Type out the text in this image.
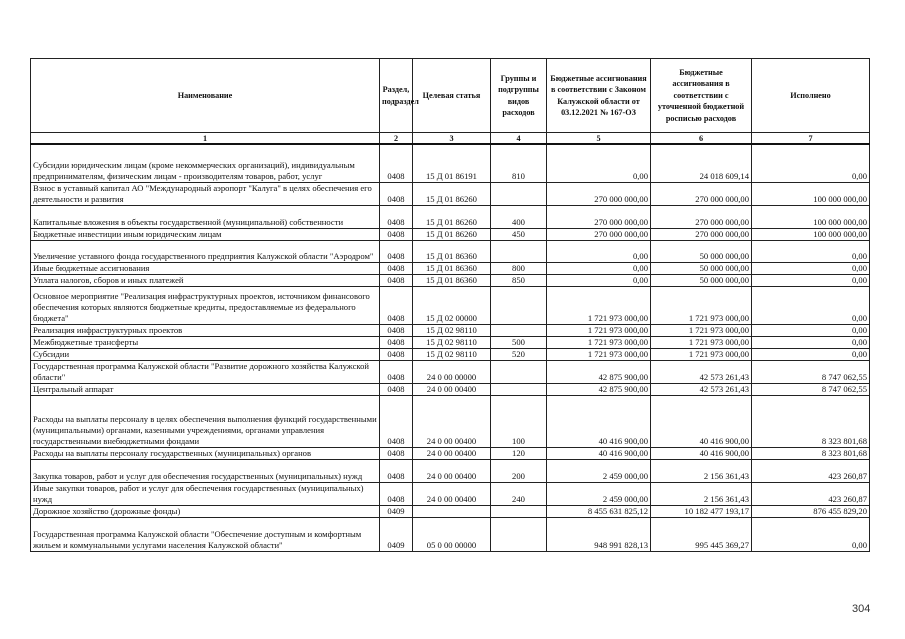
Наименование	Раздел, подраздел	Целевая статья	Группы и подгруппы видов расходов	Бюджетные ассигнования в соответствии с Законом Калужской области от 03.12.2021 № 167-ОЗ	Бюджетные ассигнования в соответствии с уточненной бюджетной росписью расходов	Исполнено
1	2	3	4	5	6	7
Субсидии юридическим лицам (кроме некоммерческих организаций), индивидуальным предпринимателям, физическим лицам - производителям товаров, работ, услуг	0408	15 Д 01 86191	810	0,00	24 018 609,14	0,00
Взнос в уставный капитал АО "Международный аэропорт "Калуга" в целях обеспечения его деятельности и развития	0408	15 Д 01 86260		270 000 000,00	270 000 000,00	100 000 000,00
Капитальные вложения в объекты государственной (муниципальной) собственности	0408	15 Д 01 86260	400	270 000 000,00	270 000 000,00	100 000 000,00
Бюджетные инвестиции иным юридическим лицам	0408	15 Д 01 86260	450	270 000 000,00	270 000 000,00	100 000 000,00
Увеличение уставного фонда государственного предприятия Калужской области "Аэродром"	0408	15 Д 01 86360		0,00	50 000 000,00	0,00
Иные бюджетные ассигнования	0408	15 Д 01 86360	800	0,00	50 000 000,00	0,00
Уплата налогов, сборов и иных платежей	0408	15 Д 01 86360	850	0,00	50 000 000,00	0,00
Основное мероприятие "Реализация инфраструктурных проектов, источником финансового обеспечения которых являются бюджетные кредиты, предоставляемые из федерального бюджета"	0408	15 Д 02 00000		1 721 973 000,00	1 721 973 000,00	0,00
Реализация инфраструктурных проектов	0408	15 Д 02 98110		1 721 973 000,00	1 721 973 000,00	0,00
Межбюджетные трансферты	0408	15 Д 02 98110	500	1 721 973 000,00	1 721 973 000,00	0,00
Субсидии	0408	15 Д 02 98110	520	1 721 973 000,00	1 721 973 000,00	0,00
Государственная программа Калужской области "Развитие дорожного хозяйства Калужской области"	0408	24 0 00 00000		42 875 900,00	42 573 261,43	8 747 062,55
Центральный аппарат	0408	24 0 00 00400		42 875 900,00	42 573 261,43	8 747 062,55
Расходы на выплаты персоналу в целях обеспечения выполнения функций государственными (муниципальными) органами, казенными учреждениями, органами управления государственными внебюджетными фондами	0408	24 0 00 00400	100	40 416 900,00	40 416 900,00	8 323 801,68
Расходы на выплаты персоналу государственных (муниципальных) органов	0408	24 0 00 00400	120	40 416 900,00	40 416 900,00	8 323 801,68
Закупка товаров, работ и услуг для обеспечения государственных (муниципальных) нужд	0408	24 0 00 00400	200	2 459 000,00	2 156 361,43	423 260,87
Иные закупки товаров, работ и услуг для обеспечения государственных (муниципальных) нужд	0408	24 0 00 00400	240	2 459 000,00	2 156 361,43	423 260,87
Дорожное хозяйство (дорожные фонды)	0409			8 455 631 825,12	10 182 477 193,17	876 455 829,20
Государственная программа Калужской области "Обеспечение доступным и комфортным жильем и коммунальными услугами населения Калужской области"	0409	05 0 00 00000		948 991 828,13	995 445 369,27	0,00
304
